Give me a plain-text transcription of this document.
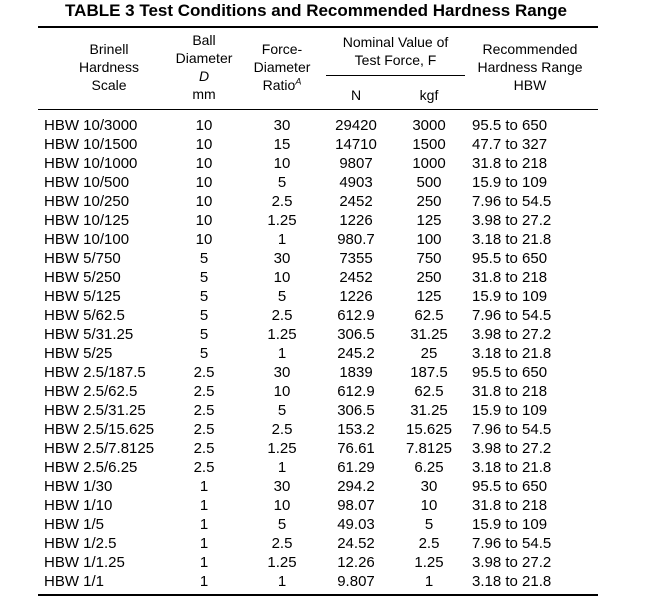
TABLE 3 Test Conditions and Recommended Hardness Range
Brinell
Hardness
Scale
Ball
Diameter
D
mm
Force-
Diameter
Ratio$^A$
Nominal Value of
Test Force, F
N	kgf
Recommended
Hardness Range
HBW
HBW 10/3000	10	30	29420	3000	95.5 to 650
HBW 10/1500	10	15	14710	1500	47.7 to 327
HBW 10/1000	10	10	9807	1000	31.8 to 218
HBW 10/500	10	5	4903	500	15.9 to 109
HBW 10/250	10	2.5	2452	250	7.96 to 54.5
HBW 10/125	10	1.25	1226	125	3.98 to 27.2
HBW 10/100	10	1	980.7	100	3.18 to 21.8
HBW 5/750	5	30	7355	750	95.5 to 650
HBW 5/250	5	10	2452	250	31.8 to 218
HBW 5/125	5	5	1226	125	15.9 to 109
HBW 5/62.5	5	2.5	612.9	62.5	7.96 to 54.5
HBW 5/31.25	5	1.25	306.5	31.25	3.98 to 27.2
HBW 5/25	5	1	245.2	25	3.18 to 21.8
HBW 2.5/187.5	2.5	30	1839	187.5	95.5 to 650
HBW 2.5/62.5	2.5	10	612.9	62.5	31.8 to 218
HBW 2.5/31.25	2.5	5	306.5	31.25	15.9 to 109
HBW 2.5/15.625	2.5	2.5	153.2	15.625	7.96 to 54.5
HBW 2.5/7.8125	2.5	1.25	76.61	7.8125	3.98 to 27.2
HBW 2.5/6.25	2.5	1	61.29	6.25	3.18 to 21.8
HBW 1/30	1	30	294.2	30	95.5 to 650
HBW 1/10	1	10	98.07	10	31.8 to 218
HBW 1/5	1	5	49.03	5	15.9 to 109
HBW 1/2.5	1	2.5	24.52	2.5	7.96 to 54.5
HBW 1/1.25	1	1.25	12.26	1.25	3.98 to 27.2
HBW 1/1	1	1	9.807	1	3.18 to 21.8
